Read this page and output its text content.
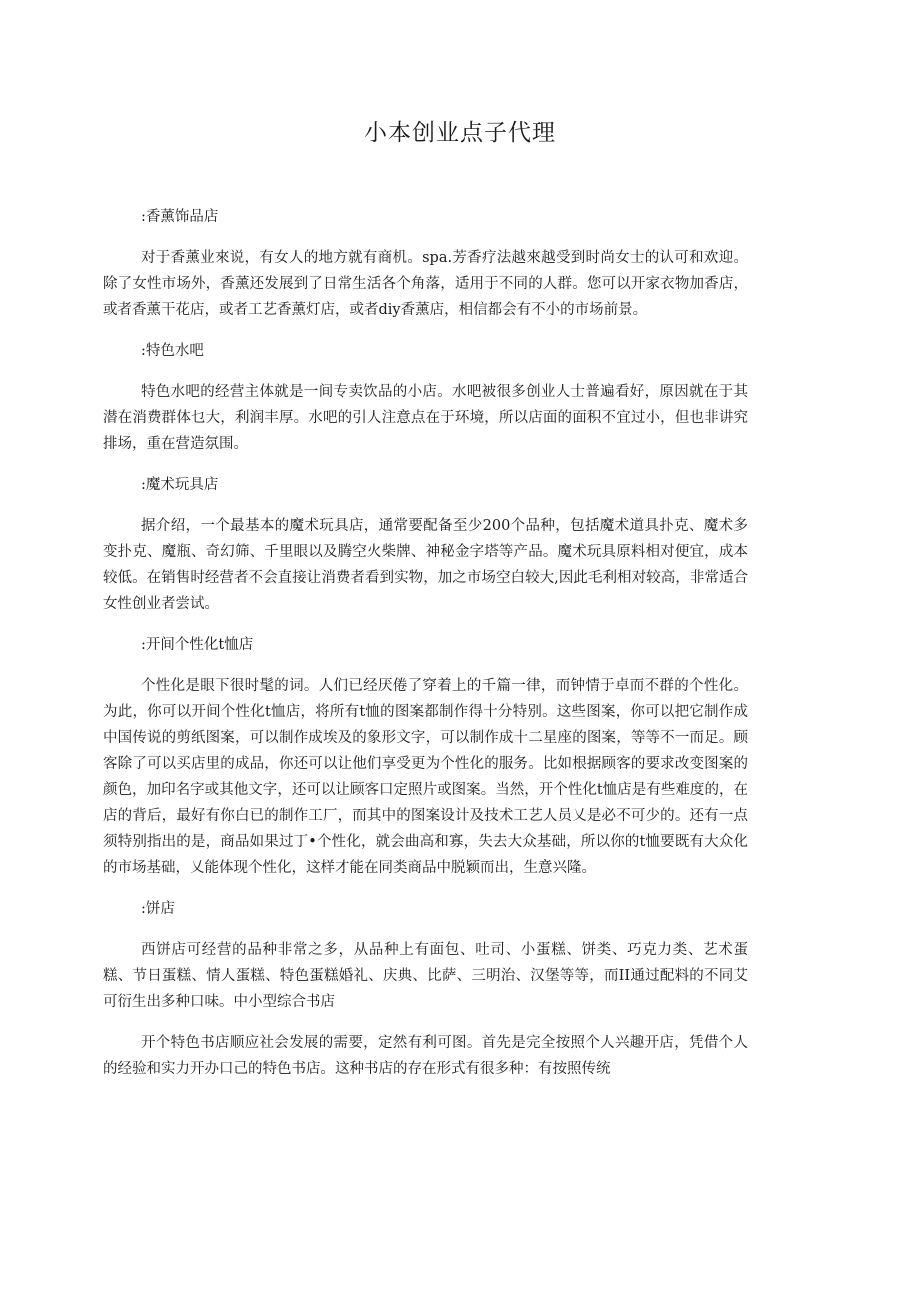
小本创业点子代理

:香薰饰品店

对于香薰业來说，有女人的地方就有商机。spa.芳香疗法越來越受到时尚女士的认可和欢迎。除了女性市场外，香薰还发展到了日常生活各个角落，适用于不同的人群。您可以开家衣物加香店，或者香薰干花店，或者工艺香薰灯店，或者diy香薰店，相信都会有不小的市场前景。

:特色水吧

特色水吧的经营主体就是一间专卖饮品的小店。水吧被很多创业人士普遍看好，原因就在于其潜在消费群体乜大，利润丰厚。水吧的引人注意点在于环境，所以店面的面积不宜过小，但也非讲究排场，重在营造氛围。

:魔术玩具店

据介绍，一个最基本的魔术玩具店，通常要配备至少200个品种，包括魔术道具扑克、魔术多变扑克、魔瓶、奇幻筛、千里眼以及腾空火柴牌、神秘金字塔等产品。魔术玩具原料相对便宜，成本较低。在销售时经营者不会直接让消费者看到实物，加之市场空白较大,因此毛利相对较高，非常适合女性创业者尝试。

:开间个性化t恤店

个性化是眼下很时髦的词。人们已经厌倦了穿着上的千篇一律，而钟情于卓而不群的个性化。为此，你可以开间个性化t恤店，将所有t恤的图案都制作得十分特别。这些图案，你可以把它制作成中国传说的剪纸图案，可以制作成埃及的象形文字，可以制作成十二星座的图案，等等不一而足。顾客除了可以买店里的成品，你还可以让他们享受更为个性化的服务。比如根据顾客的要求改变图案的颜色，加印名字或其他文字，还可以让顾客口定照片或图案。当然，开个性化t恤店是有些难度的，在店的背后，最好有你白已的制作工厂，而其中的图案设计及技术工艺人员乂是必不可少的。还有一点须特别指出的是，商品如果过丁•个性化，就会曲高和寡，失去大众基础，所以你的t恤要既有大众化的市场基础，乂能体现个性化，这样才能在同类商品中脱颖而出，生意兴隆。

:饼店

西饼店可经营的品种非常之多，从品种上有面包、吐司、小蛋糕、饼类、巧克力类、艺术蛋糕、节日蛋糕、情人蛋糕、特色蛋糕婚礼、庆典、比萨、三明治、汉堡等等，而II通过配料的不同艾可衍生出多种口味。中小型综合书店

开个特色书店顺应社会发展的需要，定然有利可图。首先是完全按照个人兴趣开店，凭借个人的经验和实力开办口己的特色书店。这种书店的存在形式有很多种：有按照传统
